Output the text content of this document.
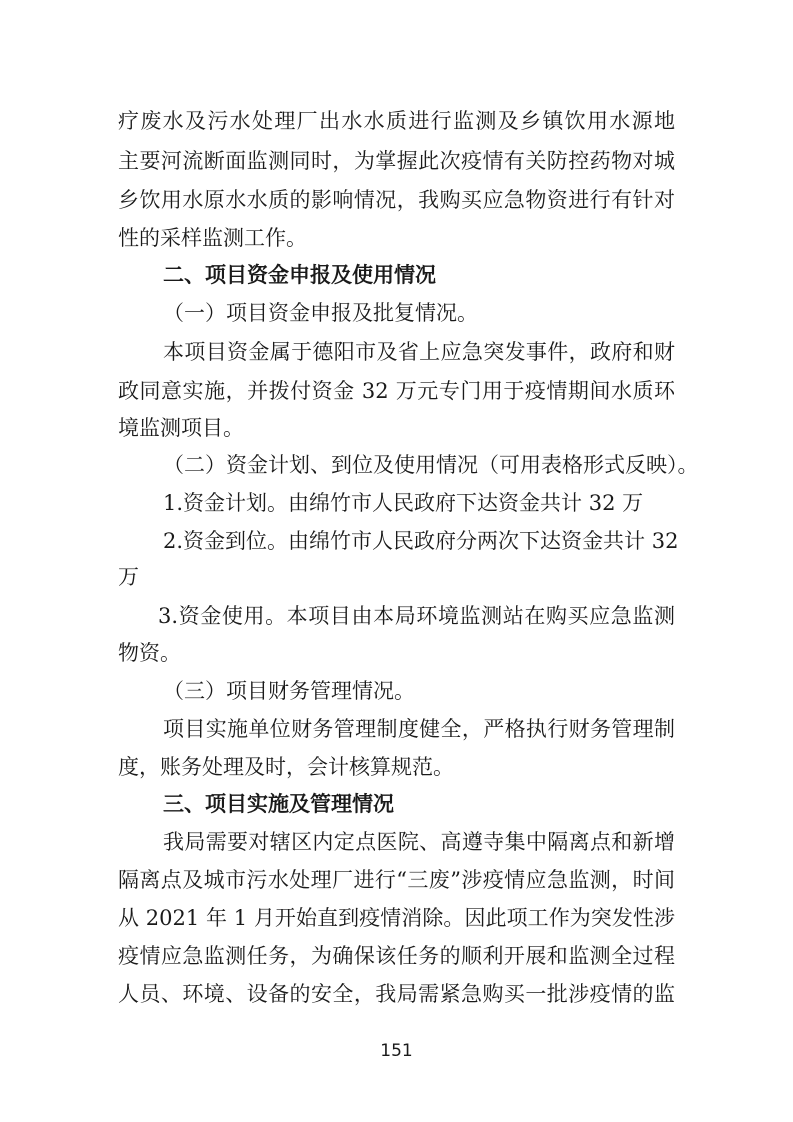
疗废水及污水处理厂出水水质进行监测及乡镇饮用水源地
主要河流断面监测同时，为掌握此次疫情有关防控药物对城
乡饮用水原水水质的影响情况，我购买应急物资进行有针对
性的采样监测工作。
二、项目资金申报及使用情况
（一）项目资金申报及批复情况。
本项目资金属于德阳市及省上应急突发事件，政府和财
政同意实施，并拨付资金 32 万元专门用于疫情期间水质环
境监测项目。
（二）资金计划、到位及使用情况（可用表格形式反映）。
1.资金计划。由绵竹市人民政府下达资金共计 32 万
2.资金到位。由绵竹市人民政府分两次下达资金共计 32
万
3.资金使用。本项目由本局环境监测站在购买应急监测
物资。
（三）项目财务管理情况。
项目实施单位财务管理制度健全，严格执行财务管理制
度，账务处理及时，会计核算规范。
三、项目实施及管理情况
我局需要对辖区内定点医院、高遵寺集中隔离点和新增
隔离点及城市污水处理厂进行“三废”涉疫情应急监测，时间
从 2021 年 1 月开始直到疫情消除。因此项工作为突发性涉
疫情应急监测任务，为确保该任务的顺利开展和监测全过程
人员、环境、设备的安全，我局需紧急购买一批涉疫情的监
151
